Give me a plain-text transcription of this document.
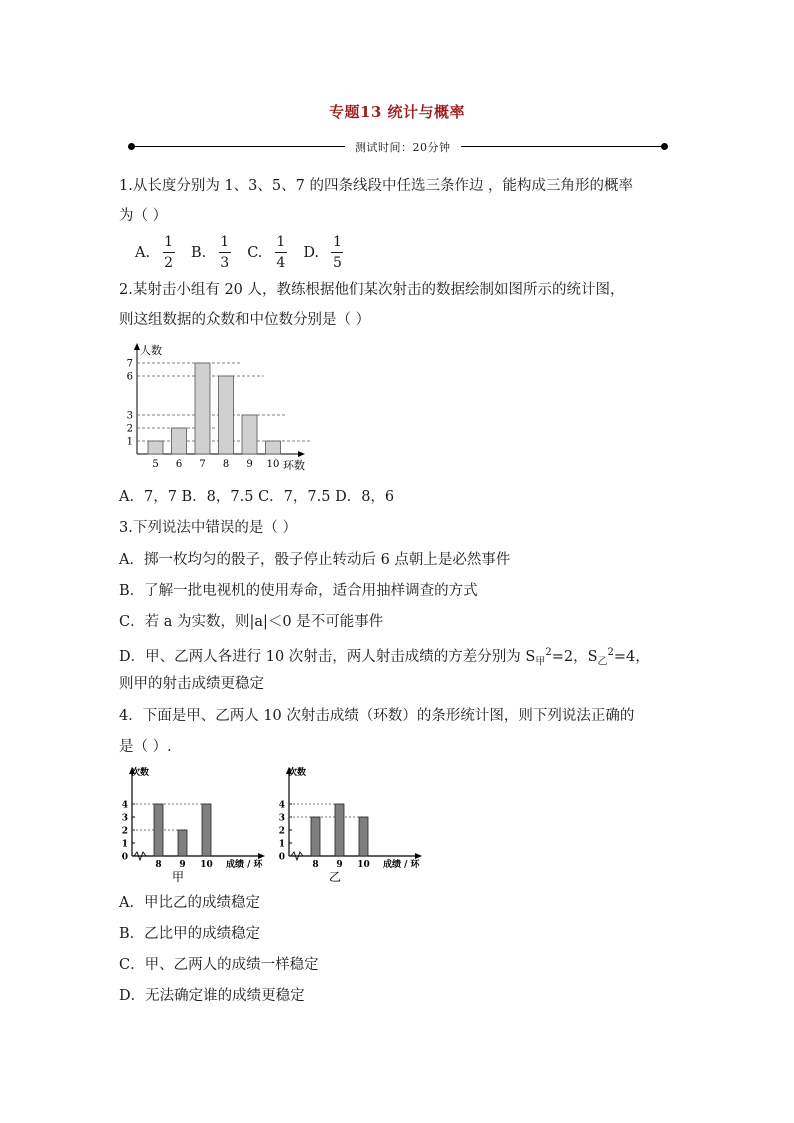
专题13 统计与概率
测试时间：20分钟
1.从长度分别为 1、3、5、7 的四条线段中任选三条作边 ，能构成三角形的概率
为（ ）
A. $\frac{1}{2} B$. $\frac{1}{3} C$. $\frac{1}{4} D$. $\frac{1}{5}$
2.某射击小组有 20 人，教练根据他们某次射击的数据绘制如图所示的统计图，
则这组数据的众数和中位数分别是（ ）
人数
环数
1
2
3
6
7
5 6 7 8 9 10
A．7，7 B．8，7.5 C．7，7.5 D．8，6
3.下列说法中错误的是（ ）
A．掷一枚均匀的骰子，骰子停止转动后 6 点朝上是必然事件
B．了解一批电视机的使用寿命，适合用抽样调查的方式
C．若 a 为实数，则|a|＜0 是不可能事件
D．甲、乙两人各进行 10 次射击，两人射击成绩的方差分别为 $S_甲^2=2$，$S_乙^2=4$，
则甲的射击成绩更稳定
4．下面是甲、乙两人 10 次射击成绩（环数）的条形统计图，则下列说法正确的
是（ ）.
次数
成绩 / 环
0
1
2
3
4
8 9 10
甲
次数
成绩 / 环
0
1
2
3
4
8 9 10
乙
A．甲比乙的成绩稳定
B．乙比甲的成绩稳定
C．甲、乙两人的成绩一样稳定
D．无法确定谁的成绩更稳定
